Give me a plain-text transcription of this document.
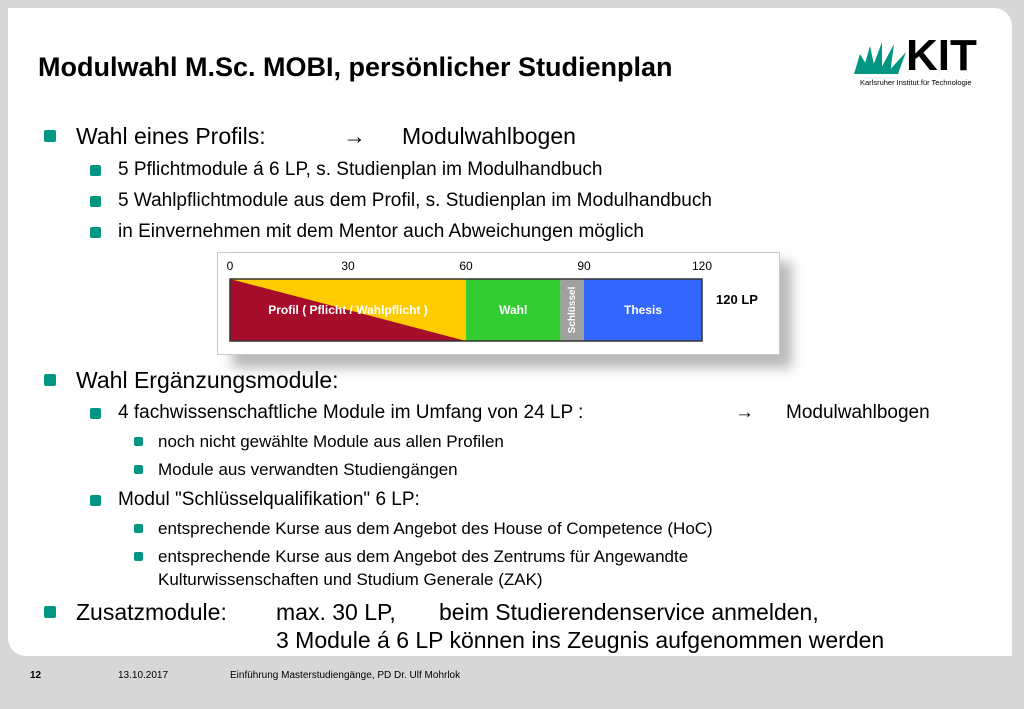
Modulwahl M.Sc. MOBI, persönlicher Studienplan	KIT
Karlsruher Institut für Technologie
Wahl eines Profils:	→ Modulwahlbogen
5 Pflichtmodule á 6 LP, s. Studienplan im Modulhandbuch
5 Wahlpflichtmodule aus dem Profil, s. Studienplan im Modulhandbuch
in Einvernehmen mit dem Mentor auch Abweichungen möglich
0	30	60	90	120
Profil ( Pflicht / Wahlpflicht )	Wahl	Schlüssel	Thesis
120 LP
Wahl Ergänzungsmodule:
4 fachwissenschaftliche Module im Umfang von 24 LP :	→ Modulwahlbogen
noch nicht gewählte Module aus allen Profilen
Module aus verwandten Studiengängen
Modul "Schlüsselqualifikation" 6 LP:
entsprechende Kurse aus dem Angebot des House of Competence (HoC)
entsprechende Kurse aus dem Angebot des Zentrums für Angewandte
Kulturwissenschaften und Studium Generale (ZAK)
Zusatzmodule: max. 30 LP, beim Studierendenservice anmelden,
3 Module á 6 LP können ins Zeugnis aufgenommen werden
12	13.10.2017	Einführung Masterstudiengänge, PD Dr. Ulf Mohrlok
